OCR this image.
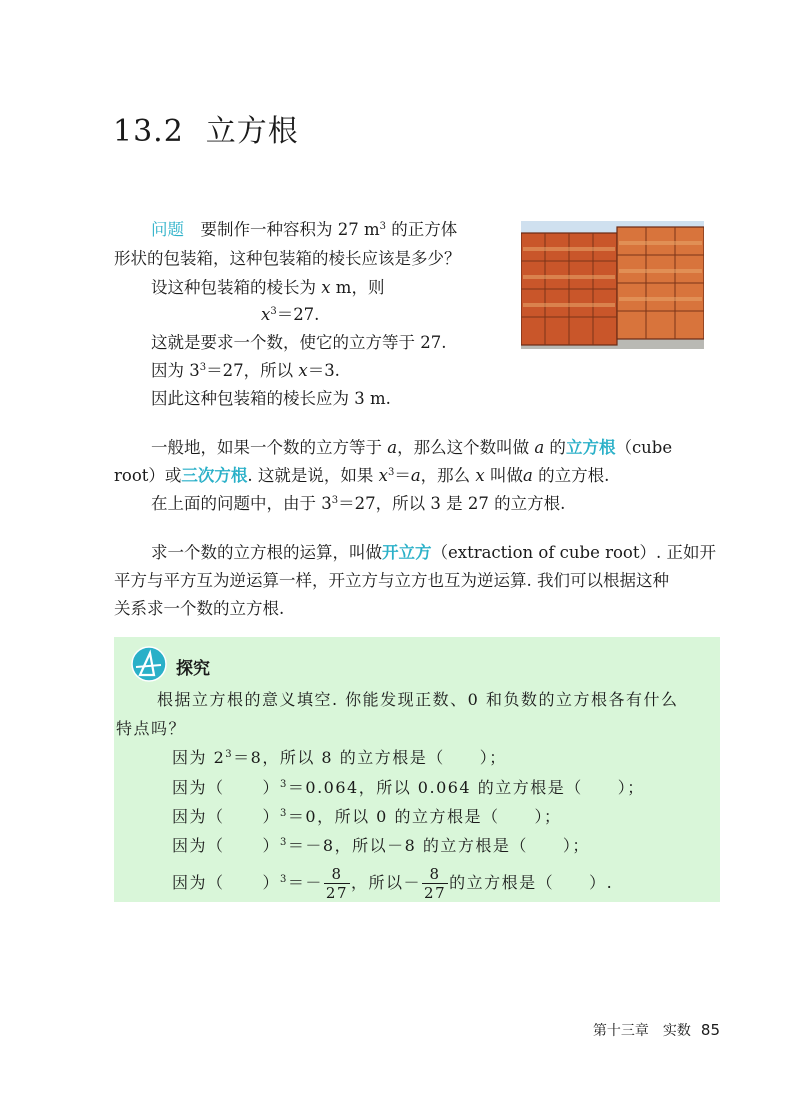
13.2 立方根

问题　 要制作一种容积为 27 $m^3$ 的正方体

形状的包装箱，这种包装箱的棱长应该是多少？

设这种包装箱的棱长为 x m，则

$x^3=27$.

这就是要求一个数，使它的立方等于 27.

因为 $3^3=27$，所以 x＝3.

因此这种包装箱的棱长应为 3 m.

一般地，如果一个数的立方等于 a，那么这个数叫做 a 的立方根（cube

root）或三次方根. 这就是说，如果 $x^3=a$，那么 x 叫做a 的立方根.

在上面的问题中，由于 $3^3=27$，所以 3 是 27 的立方根.

求一个数的立方根的运算，叫做开立方（extraction of cube root）. 正如开

平方与平方互为逆运算一样，开立方与立方也互为逆运算. 我们可以根据这种

关系求一个数的立方根.

探究

根据立方根的意义填空. 你能发现正数、0 和负数的立方根各有什么

特点吗？

因为 $2^3=8$，所以 8 的立方根是（　　）；

因为（ ）$^3$＝0.064，所以 0.064 的立方根是（　　）；

因为（ ）$^3$＝0，所以 0 的立方根是（　　）；

因为（ ）$^3$＝－8，所以－8 的立方根是（　　）；

因为（ ）$^3=- \frac{8}{27}$ ，所以－ $\frac{8}{27}$ 的立方根是（　　）.

第十三章　实数 85
